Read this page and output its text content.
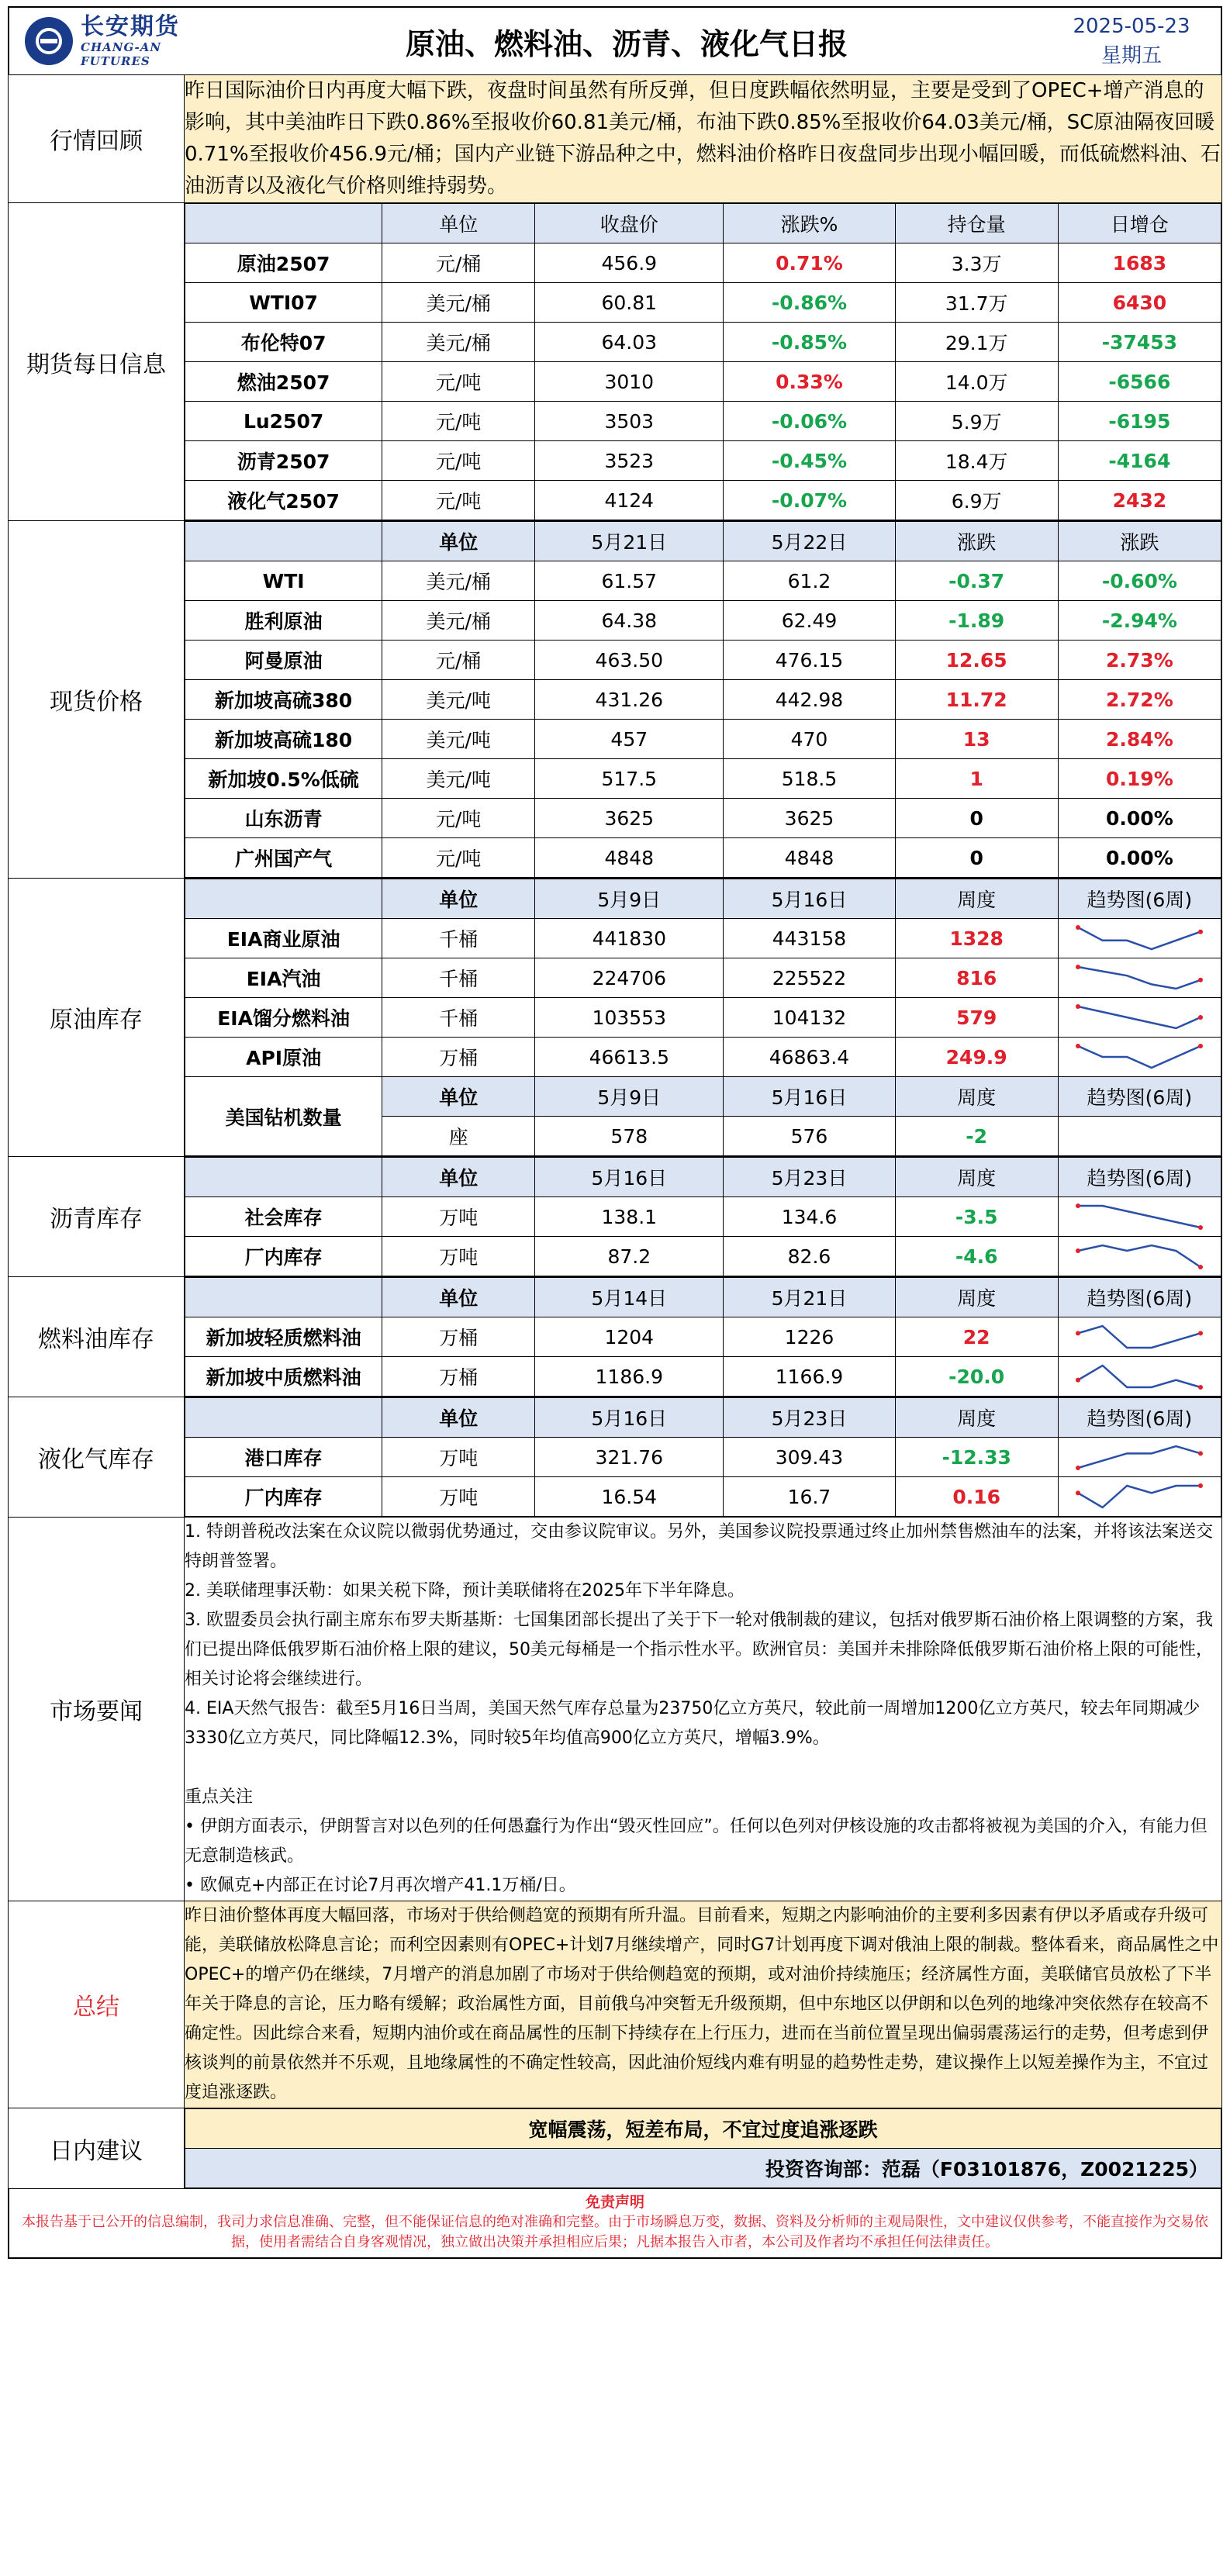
长安期货
CHANG-AN FUTURES
原油、燃料油、沥青、液化气日报
2025-05-23
星期五
行情回顾	昨日国际油价日内再度大幅下跌，夜盘时间虽然有所反弹，但日度跌幅依然明显，主要是受到了OPEC+增产消息的影响，其中美油昨日下跌0.86%至报收价60.81美元/桶，布油下跌0.85%至报收价64.03美元/桶，SC原油隔夜回暖0.71%至报收价456.9元/桶；国内产业链下游品种之中，燃料油价格昨日夜盘同步出现小幅回暖，而低硫燃料油、石油沥青以及液化气价格则维持弱势。
期货每日信息	
	单位	收盘价	涨跌%	持仓量	日增仓
原油2507	元/桶	456.9	0.71%	3.3万	1683
WTI07	美元/桶	60.81	-0.86%	31.7万	6430
布伦特07	美元/桶	64.03	-0.85%	29.1万	-37453
燃油2507	元/吨	3010	0.33%	14.0万	-6566
Lu2507	元/吨	3503	-0.06%	5.9万	-6195
沥青2507	元/吨	3523	-0.45%	18.4万	-4164
液化气2507	元/吨	4124	-0.07%	6.9万	2432

现货价格	
	单位	5月21日	5月22日	涨跌	涨跌
WTI	美元/桶	61.57	61.2	-0.37	-0.60%
胜利原油	美元/桶	64.38	62.49	-1.89	-2.94%
阿曼原油	元/桶	463.50	476.15	12.65	2.73%
新加坡高硫380	美元/吨	431.26	442.98	11.72	2.72%
新加坡高硫180	美元/吨	457	470	13	2.84%
新加坡0.5%低硫	美元/吨	517.5	518.5	1	0.19%
山东沥青	元/吨	3625	3625	0	0.00%
广州国产气	元/吨	4848	4848	0	0.00%

原油库存	
	单位	5月9日	5月16日	周度	趋势图(6周)
EIA商业原油	千桶	441830	443158	1328	

EIA汽油	千桶	224706	225522	816	

EIA馏分燃料油	千桶	103553	104132	579	

API原油	万桶	46613.5	46863.4	249.9	

美国钻机数量	单位	5月9日	5月16日	周度	趋势图(6周)
座	578	576	-2	

沥青库存	
	单位	5月16日	5月23日	周度	趋势图(6周)
社会库存	万吨	138.1	134.6	-3.5	

厂内库存	万吨	87.2	82.6	-4.6	

燃料油库存	
	单位	5月14日	5月21日	周度	趋势图(6周)
新加坡轻质燃料油	万桶	1204	1226	22	

新加坡中质燃料油	万桶	1186.9	1166.9	-20.0	

液化气库存	
	单位	5月16日	5月23日	周度	趋势图(6周)
港口库存	万吨	321.76	309.43	-12.33	

厂内库存	万吨	16.54	16.7	0.16	

市场要闻	
1. 特朗普税改法案在众议院以微弱优势通过，交由参议院审议。另外，美国参议院投票通过终止加州禁售燃油车的法案，并将该法案送交特朗普签署。
2. 美联储理事沃勒：如果关税下降，预计美联储将在2025年下半年降息。
3. 欧盟委员会执行副主席东布罗夫斯基斯：七国集团部长提出了关于下一轮对俄制裁的建议，包括对俄罗斯石油价格上限调整的方案，我们已提出降低俄罗斯石油价格上限的建议，50美元每桶是一个指示性水平。欧洲官员：美国并未排除降低俄罗斯石油价格上限的可能性，相关讨论将会继续进行。
4. EIA天然气报告：截至5月16日当周，美国天然气库存总量为23750亿立方英尺，较此前一周增加1200亿立方英尺，较去年同期减少3330亿立方英尺，同比降幅12.3%，同时较5年均值高900亿立方英尺，增幅3.9%。
重点关注
• 伊朗方面表示，伊朗誓言对以色列的任何愚蠢行为作出“毁灭性回应”。任何以色列对伊核设施的攻击都将被视为美国的介入，有能力但无意制造核武。
• 欧佩克+内部正在讨论7月再次增产41.1万桶/日。

总结	昨日油价整体再度大幅回落，市场对于供给侧趋宽的预期有所升温。目前看来，短期之内影响油价的主要利多因素有伊以矛盾或存升级可能，美联储放松降息言论；而利空因素则有OPEC+计划7月继续增产，同时G7计划再度下调对俄油上限的制裁。整体看来，商品属性之中OPEC+的增产仍在继续，7月增产的消息加剧了市场对于供给侧趋宽的预期，或对油价持续施压；经济属性方面，美联储官员放松了下半年关于降息的言论，压力略有缓解；政治属性方面，目前俄乌冲突暂无升级预期，但中东地区以伊朗和以色列的地缘冲突依然存在较高不确定性。因此综合来看，短期内油价或在商品属性的压制下持续存在上行压力，进而在当前位置呈现出偏弱震荡运行的走势，但考虑到伊核谈判的前景依然并不乐观，且地缘属性的不确定性较高，因此油价短线内难有明显的趋势性走势，建议操作上以短差操作为主，不宜过度追涨逐跌。
日内建议	
宽幅震荡，短差布局，不宜过度追涨逐跌
投资咨询部：范磊（F03101876，Z0021225）
免责声明
本报告基于已公开的信息编制，我司力求信息准确、完整，但不能保证信息的绝对准确和完整。由于市场瞬息万变，数据、资料及分析师的主观局限性，文中建议仅供参考，不能直接作为交易依据，使用者需结合自身客观情况，独立做出决策并承担相应后果；凡据本报告入市者，本公司及作者均不承担任何法律责任。
